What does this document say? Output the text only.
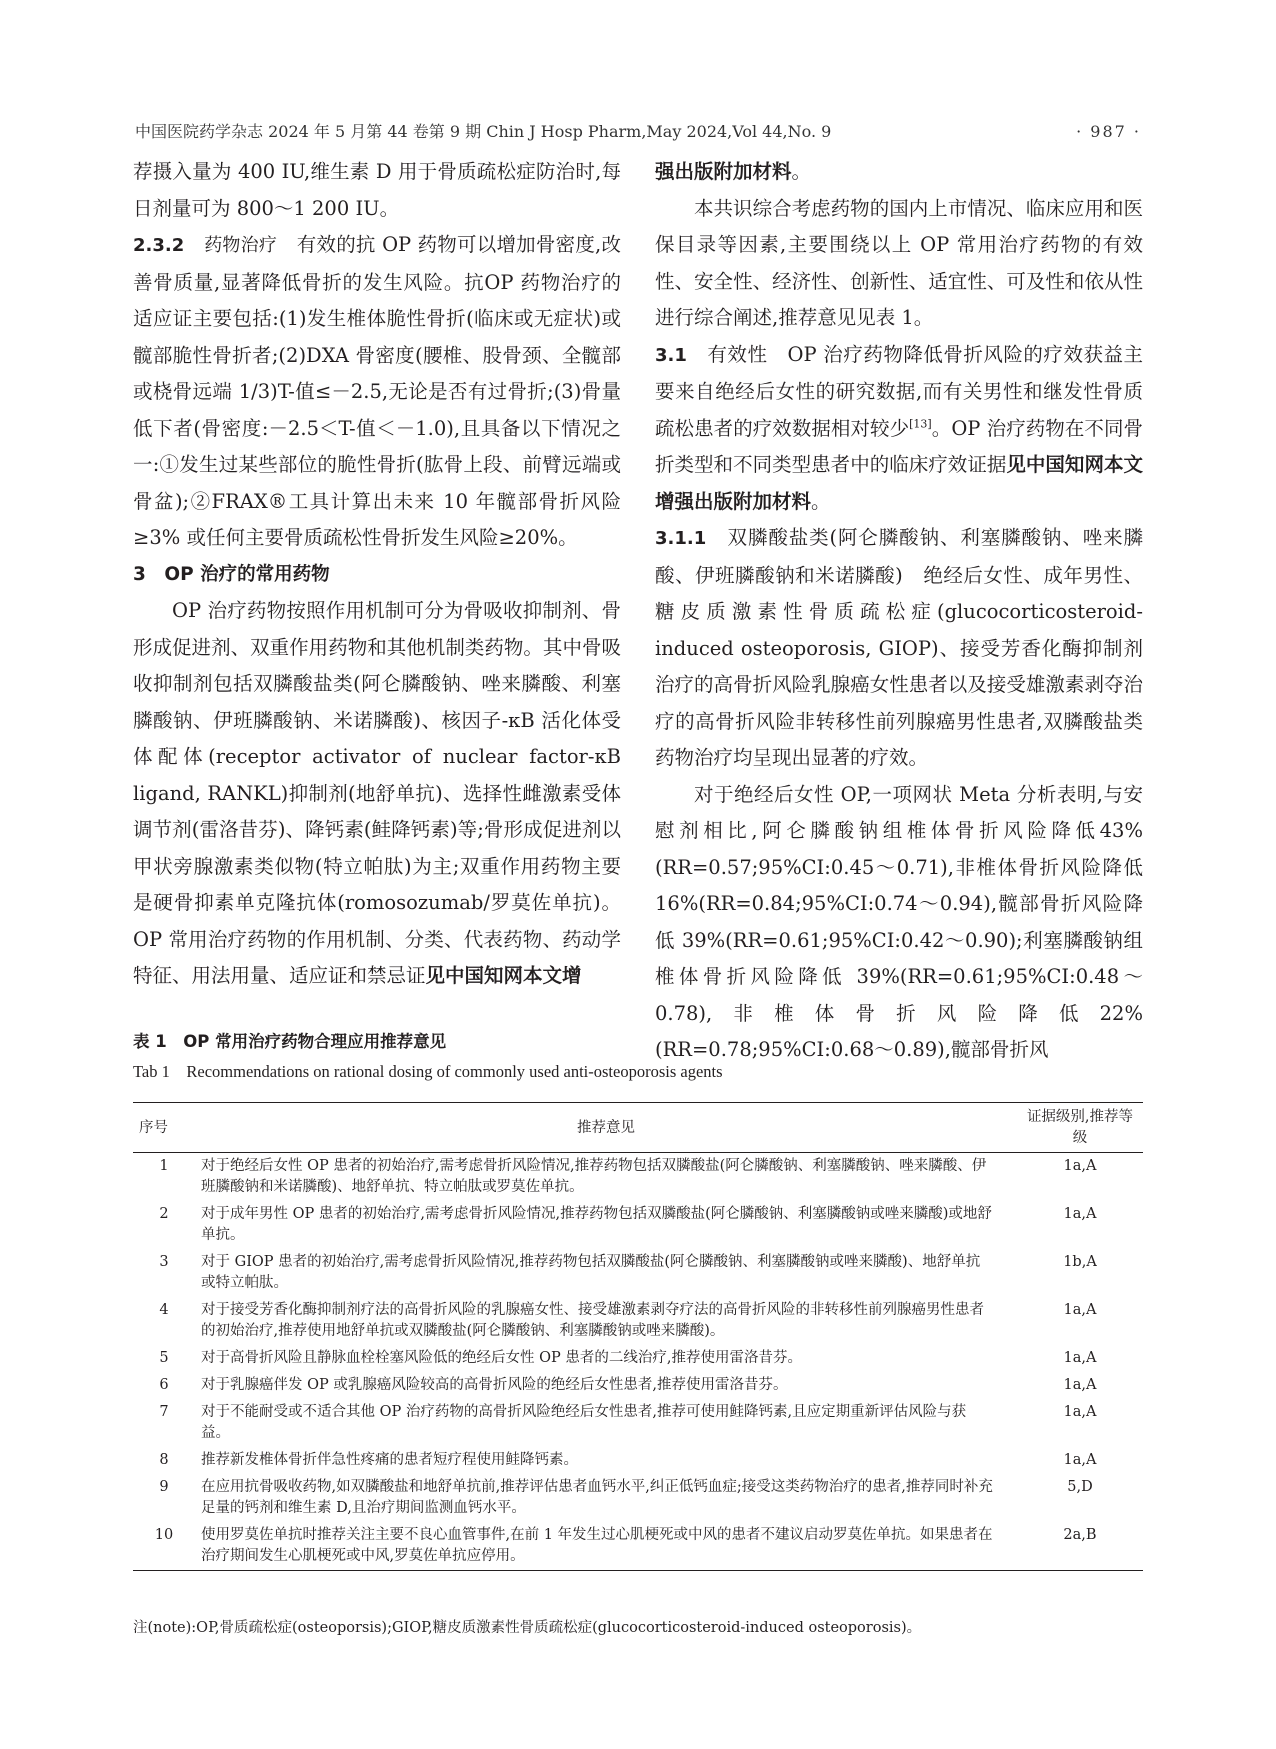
中国医院药学杂志 2024 年 5 月第 44 卷第 9 期 Chin J Hosp Pharm,May 2024,Vol 44,No. 9	· 987 ·

荐摄入量为 400 IU,维生素 D 用于骨质疏松症防治时,每日剂量可为 800～1 200 IU。

2.3.2　 药物治疗　 有效的抗 OP 药物可以增加骨密度,改善骨质量,显著降低骨折的发生风险。抗OP 药物治疗的适应证主要包括:(1)发生椎体脆性骨折(临床或无症状)或髋部脆性骨折者;(2)DXA 骨密度(腰椎、股骨颈、全髋部或桡骨远端 1/3)T-值≤－2.5,无论是否有过骨折;(3)骨量低下者(骨密度:－2.5＜T-值＜－1.0),且具备以下情况之一:①发生过某些部位的脆性骨折(肱骨上段、前臂远端或骨盆);②FRAX®工具计算出未来 10 年髋部骨折风险≥3% 或任何主要骨质疏松性骨折发生风险≥20%。

3　OP 治疗的常用药物

OP 治疗药物按照作用机制可分为骨吸收抑制剂、骨形成促进剂、双重作用药物和其他机制类药物。其中骨吸收抑制剂包括双膦酸盐类(阿仑膦酸钠、唑来膦酸、利塞膦酸钠、伊班膦酸钠、米诺膦酸)、核因子-κB 活化体受体配体(receptor activator of nuclear factor-κB ligand, RANKL)抑制剂(地舒单抗)、选择性雌激素受体调节剂(雷洛昔芬)、降钙素(鲑降钙素)等;骨形成促进剂以甲状旁腺激素类似物(特立帕肽)为主;双重作用药物主要是硬骨抑素单克隆抗体(romosozumab/罗莫佐单抗)。OP 常用治疗药物的作用机制、分类、代表药物、药动学特征、用法用量、适应证和禁忌证见中国知网本文增

强出版附加材料。

本共识综合考虑药物的国内上市情况、临床应用和医保目录等因素,主要围绕以上 OP 常用治疗药物的有效性、安全性、经济性、创新性、适宜性、可及性和依从性进行综合阐述,推荐意见见表 1。

3.1　 有效性　 OP 治疗药物降低骨折风险的疗效获益主要来自绝经后女性的研究数据,而有关男性和继发性骨质疏松患者的疗效数据相对较少[13]。OP 治疗药物在不同骨折类型和不同类型患者中的临床疗效证据见中国知网本文增强出版附加材料。

3.1.1　 双膦酸盐类(阿仑膦酸钠、利塞膦酸钠、唑来膦酸、伊班膦酸钠和米诺膦酸)　 绝经后女性、成年男性、糖皮质激素性骨质疏松症(glucocorticosteroid-induced osteoporosis, GIOP)、接受芳香化酶抑制剂治疗的高骨折风险乳腺癌女性患者以及接受雄激素剥夺治疗的高骨折风险非转移性前列腺癌男性患者,双膦酸盐类药物治疗均呈现出显著的疗效。

对于绝经后女性 OP,一项网状 Meta 分析表明,与安慰剂相比,阿仑膦酸钠组椎体骨折风险降低43%(RR=0.57;95%CI:0.45～0.71),非椎体骨折风险降低 16%(RR=0.84;95%CI:0.74～0.94),髋部骨折风险降低 39%(RR=0.61;95%CI:0.42～0.90);利塞膦酸钠组椎体骨折风险降低 39%(RR=0.61;95%CI:0.48～0.78),非椎体骨折风险降低22%(RR=0.78;95%CI:0.68～0.89),髋部骨折风

表 1　OP 常用治疗药物合理应用推荐意见
Tab 1　Recommendations on rational dosing of commonly used anti-osteoporosis agents
序号	推荐意见	证据级别,推荐等级
1	对于绝经后女性 OP 患者的初始治疗,需考虑骨折风险情况,推荐药物包括双膦酸盐(阿仑膦酸钠、利塞膦酸钠、唑来膦酸、伊班膦酸钠和米诺膦酸)、地舒单抗、特立帕肽或罗莫佐单抗。	1a,A
2	对于成年男性 OP 患者的初始治疗,需考虑骨折风险情况,推荐药物包括双膦酸盐(阿仑膦酸钠、利塞膦酸钠或唑来膦酸)或地舒单抗。	1a,A
3	对于 GIOP 患者的初始治疗,需考虑骨折风险情况,推荐药物包括双膦酸盐(阿仑膦酸钠、利塞膦酸钠或唑来膦酸)、地舒单抗或特立帕肽。	1b,A
4	对于接受芳香化酶抑制剂疗法的高骨折风险的乳腺癌女性、接受雄激素剥夺疗法的高骨折风险的非转移性前列腺癌男性患者的初始治疗,推荐使用地舒单抗或双膦酸盐(阿仑膦酸钠、利塞膦酸钠或唑来膦酸)。	1a,A
5	对于高骨折风险且静脉血栓栓塞风险低的绝经后女性 OP 患者的二线治疗,推荐使用雷洛昔芬。	1a,A
6	对于乳腺癌伴发 OP 或乳腺癌风险较高的高骨折风险的绝经后女性患者,推荐使用雷洛昔芬。	1a,A
7	对于不能耐受或不适合其他 OP 治疗药物的高骨折风险绝经后女性患者,推荐可使用鲑降钙素,且应定期重新评估风险与获益。	1a,A
8	推荐新发椎体骨折伴急性疼痛的患者短疗程使用鲑降钙素。	1a,A
9	在应用抗骨吸收药物,如双膦酸盐和地舒单抗前,推荐评估患者血钙水平,纠正低钙血症;接受这类药物治疗的患者,推荐同时补充足量的钙剂和维生素 D,且治疗期间监测血钙水平。	5,D
10	使用罗莫佐单抗时推荐关注主要不良心血管事件,在前 1 年发生过心肌梗死或中风的患者不建议启动罗莫佐单抗。如果患者在治疗期间发生心肌梗死或中风,罗莫佐单抗应停用。	2a,B
注(note):OP,骨质疏松症(osteoporsis);GIOP,糖皮质激素性骨质疏松症(glucocorticosteroid-induced osteoporosis)。
